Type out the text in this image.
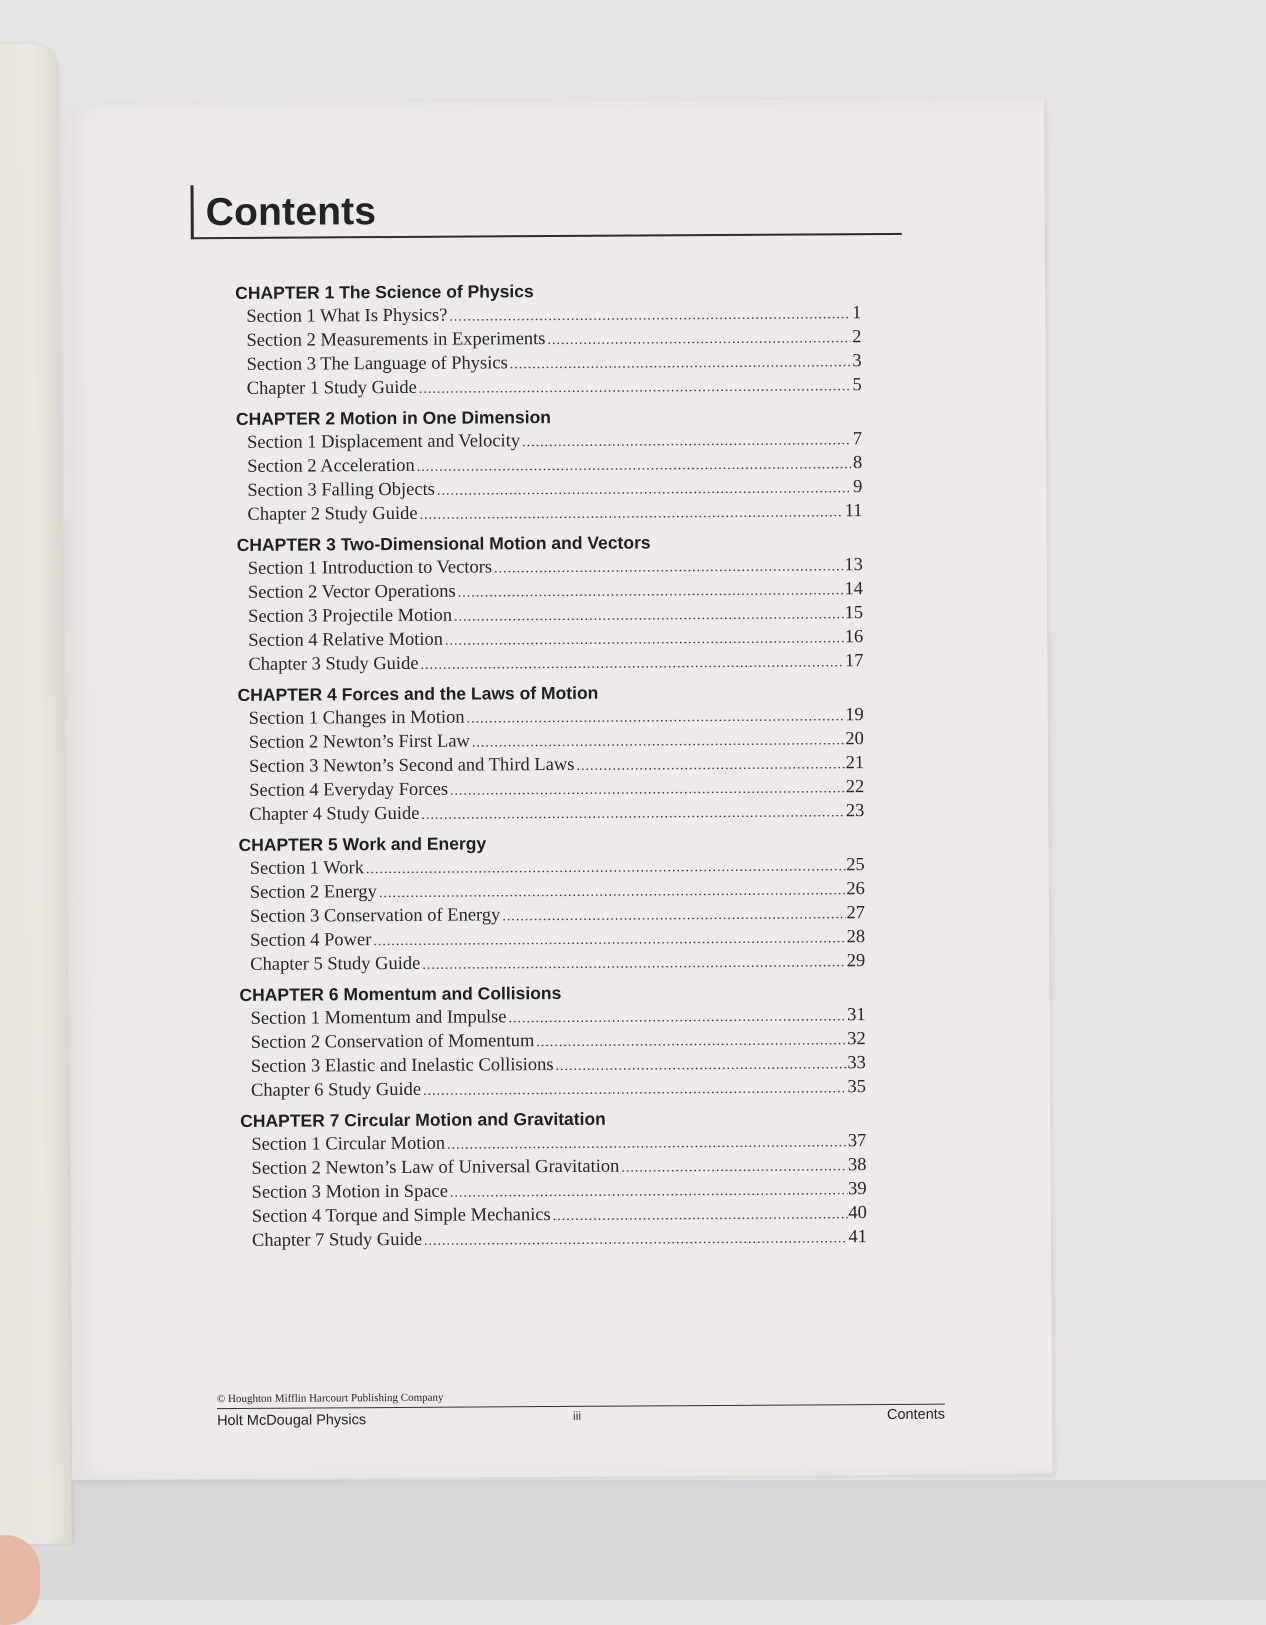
Contents
CHAPTER 1 The Science of Physics
Section 1 What Is Physics? .....	1
Section 2 Measurements in Experiments .....	2
Section 3 The Language of Physics .....	3
Chapter 1 Study Guide .....	5
CHAPTER 2 Motion in One Dimension
Section 1 Displacement and Velocity .....	7
Section 2 Acceleration .....	8
Section 3 Falling Objects .....	9
Chapter 2 Study Guide .....	11
CHAPTER 3 Two-Dimensional Motion and Vectors
Section 1 Introduction to Vectors .....	13
Section 2 Vector Operations .....	14
Section 3 Projectile Motion .....	15
Section 4 Relative Motion .....	16
Chapter 3 Study Guide .....	17
CHAPTER 4 Forces and the Laws of Motion
Section 1 Changes in Motion .....	19
Section 2 Newton’s First Law .....	20
Section 3 Newton’s Second and Third Laws .....	21
Section 4 Everyday Forces .....	22
Chapter 4 Study Guide .....	23
CHAPTER 5 Work and Energy
Section 1 Work .....	25
Section 2 Energy .....	26
Section 3 Conservation of Energy .....	27
Section 4 Power .....	28
Chapter 5 Study Guide .....	29
CHAPTER 6 Momentum and Collisions
Section 1 Momentum and Impulse .....	31
Section 2 Conservation of Momentum .....	32
Section 3 Elastic and Inelastic Collisions .....	33
Chapter 6 Study Guide .....	35
CHAPTER 7 Circular Motion and Gravitation
Section 1 Circular Motion .....	37
Section 2 Newton’s Law of Universal Gravitation .....	38
Section 3 Motion in Space .....	39
Section 4 Torque and Simple Mechanics .....	40
Chapter 7 Study Guide .....	41
© Houghton Mifflin Harcourt Publishing Company
Holt McDougal Physics	iii	Contents
